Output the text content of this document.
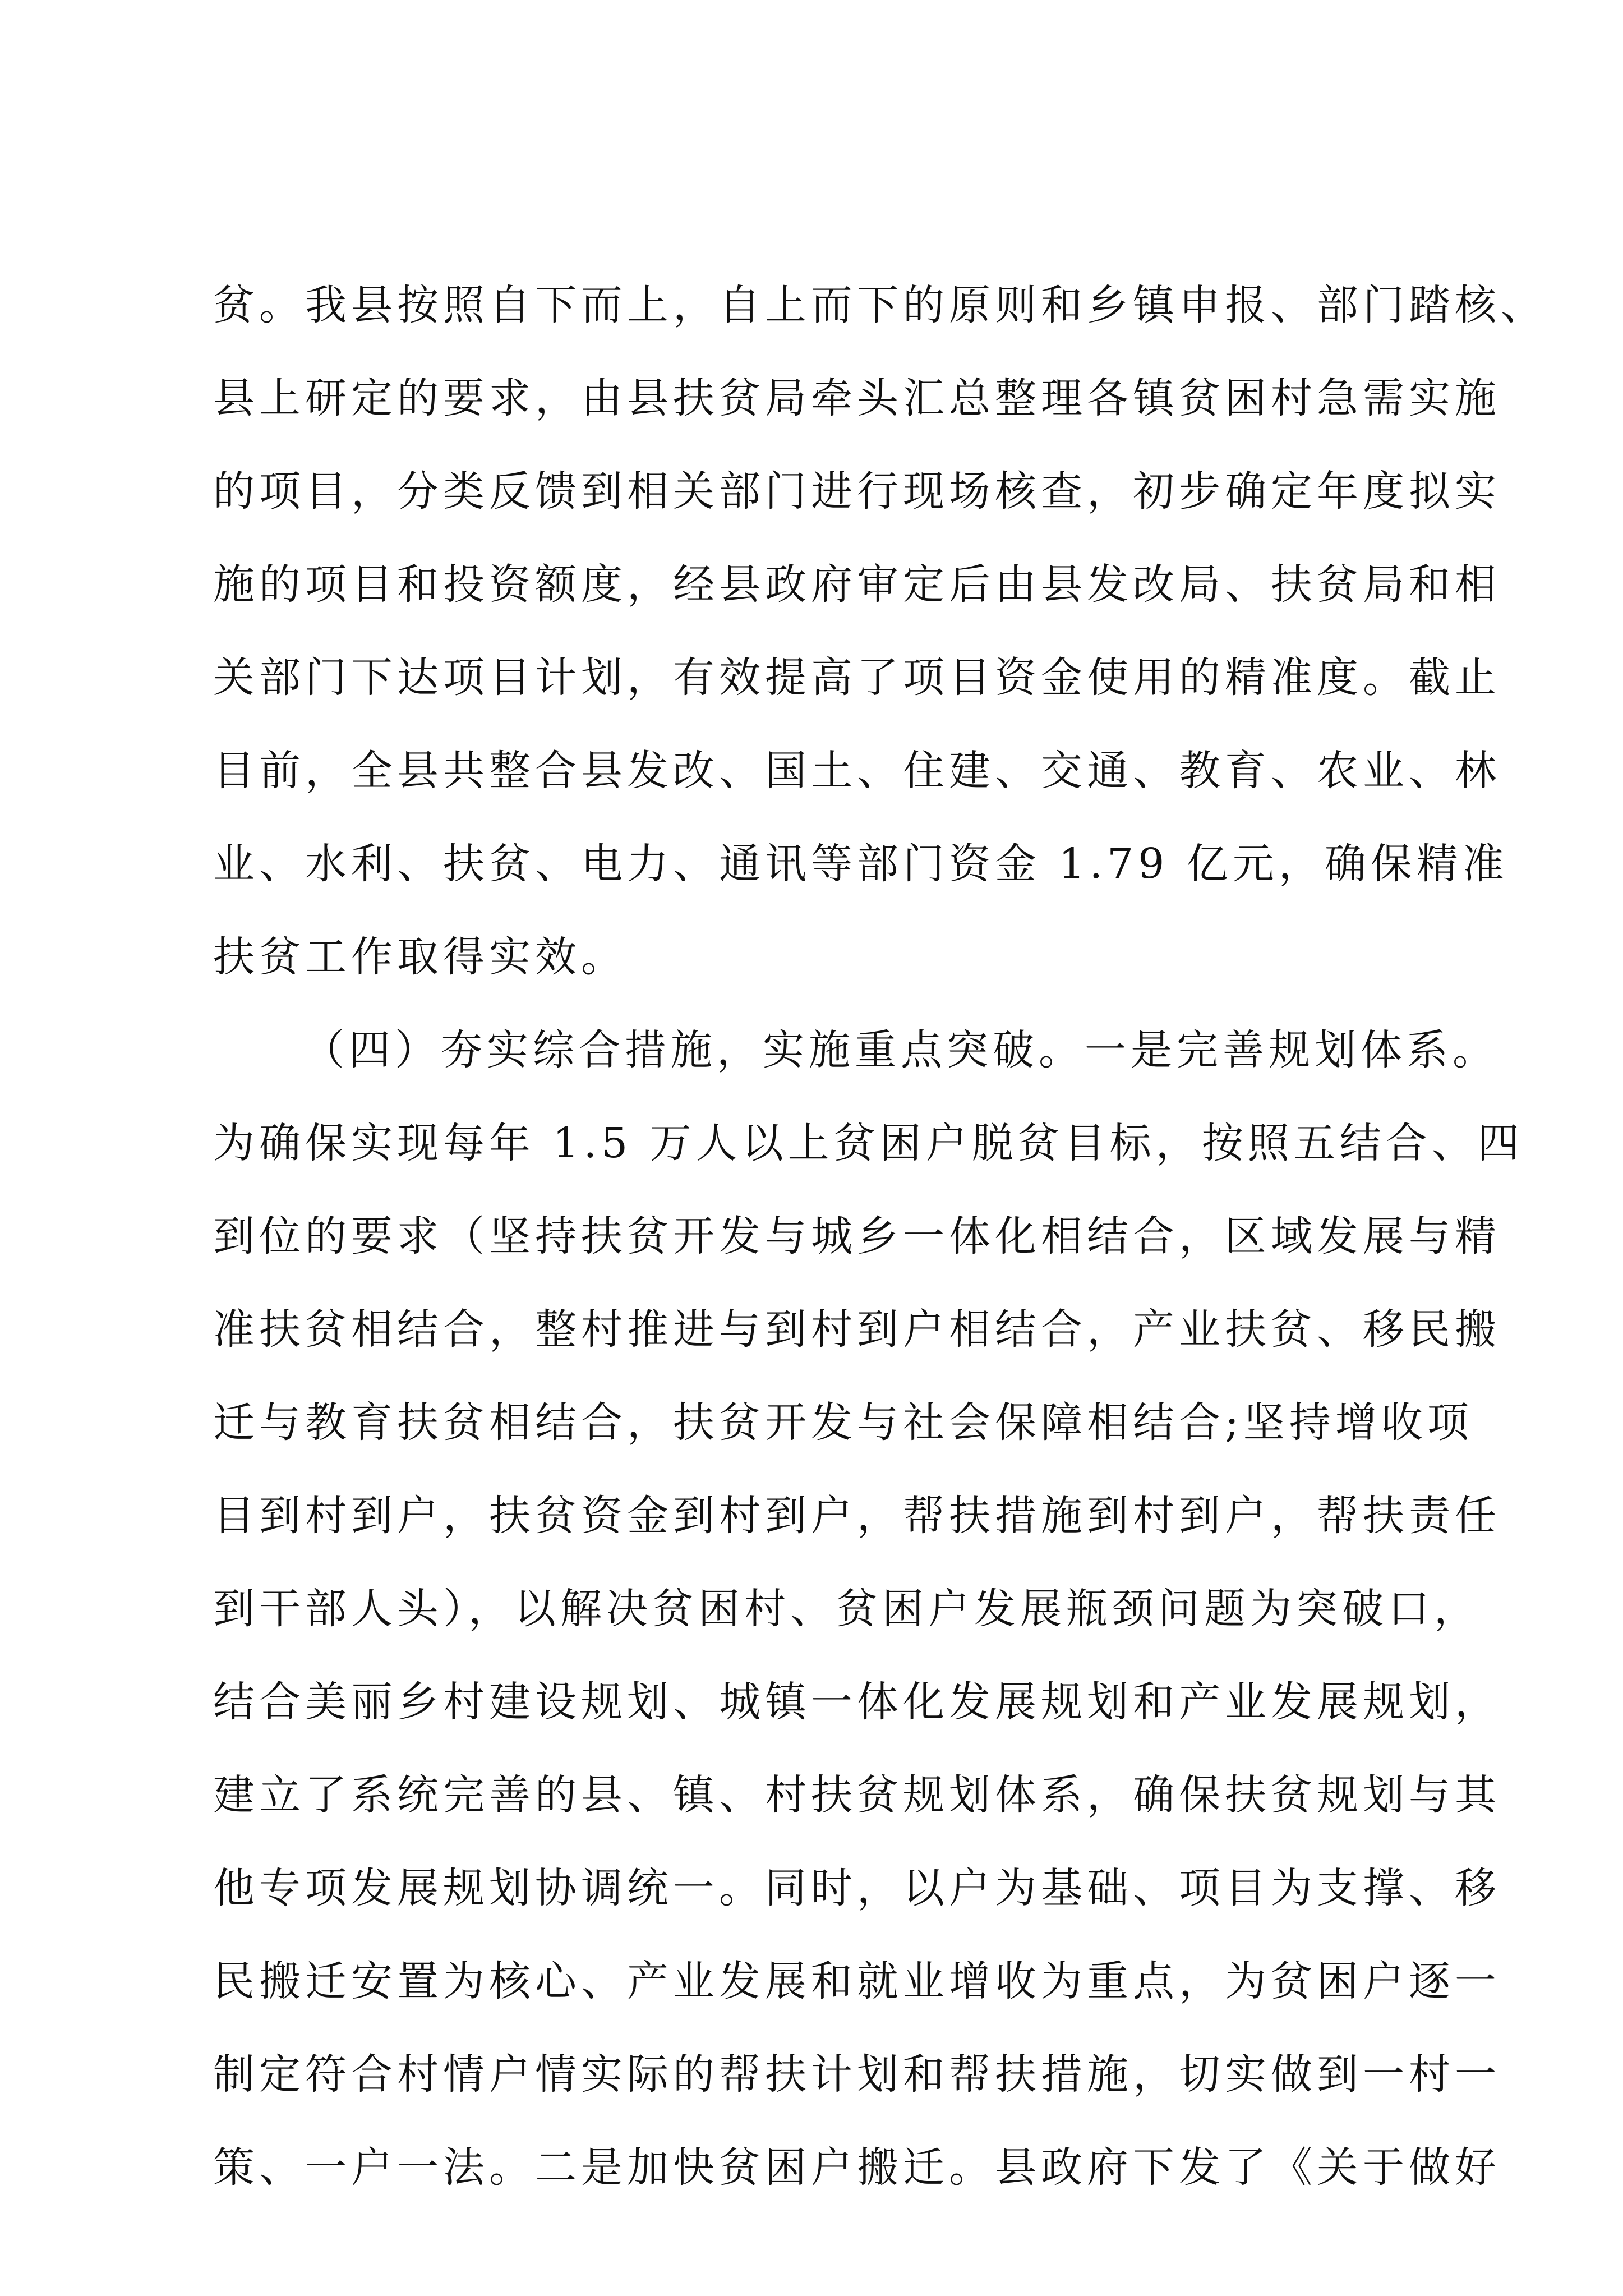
贫。我县按照自下而上，自上而下的原则和乡镇申报、部门踏核、
县上研定的要求，由县扶贫局牵头汇总整理各镇贫困村急需实施
的项目，分类反馈到相关部门进行现场核查，初步确定年度拟实
施的项目和投资额度，经县政府审定后由县发改局、扶贫局和相
关部门下达项目计划，有效提高了项目资金使用的精准度。截止
目前，全县共整合县发改、国土、住建、交通、教育、农业、林
业、水利、扶贫、电力、通讯等部门资金 1.79 亿元，确保精准
扶贫工作取得实效。
（四）夯实综合措施，实施重点突破。一是完善规划体系。
为确保实现每年 1.5 万人以上贫困户脱贫目标，按照五结合、四
到位的要求（坚持扶贫开发与城乡一体化相结合，区域发展与精
准扶贫相结合，整村推进与到村到户相结合，产业扶贫、移民搬
迁与教育扶贫相结合，扶贫开发与社会保障相结合;坚持增收项
目到村到户，扶贫资金到村到户，帮扶措施到村到户，帮扶责任
到干部人头），以解决贫困村、贫困户发展瓶颈问题为突破口，
结合美丽乡村建设规划、城镇一体化发展规划和产业发展规划，
建立了系统完善的县、镇、村扶贫规划体系，确保扶贫规划与其
他专项发展规划协调统一。同时，以户为基础、项目为支撑、移
民搬迁安置为核心、产业发展和就业增收为重点，为贫困户逐一
制定符合村情户情实际的帮扶计划和帮扶措施，切实做到一村一
策、一户一法。二是加快贫困户搬迁。县政府下发了《关于做好
